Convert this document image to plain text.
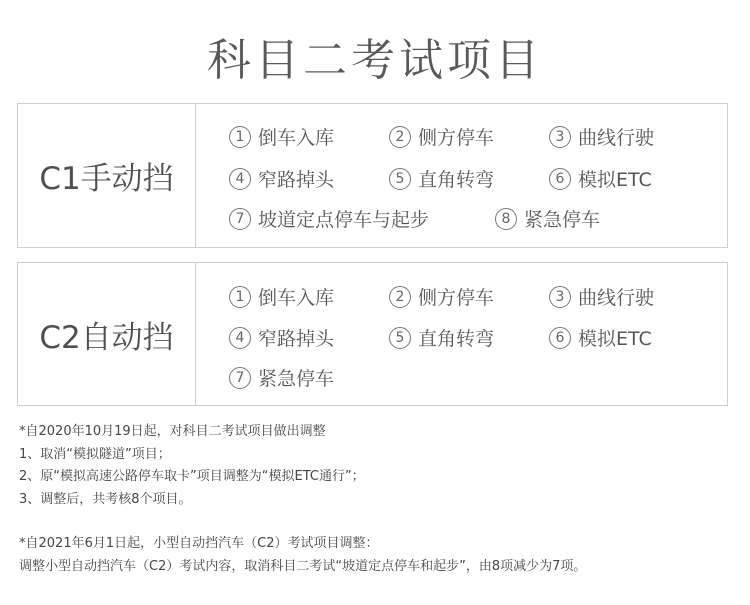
科目二考试项目
C1手动挡
1 倒车入库	2 侧方停车	3 曲线行驶
4 窄路掉头	5 直角转弯	6 模拟ETC
7 坡道定点停车与起步	8 紧急停车
C2自动挡
1 倒车入库	2 侧方停车	3 曲线行驶
4 窄路掉头	5 直角转弯	6 模拟ETC
7 紧急停车
*自2020年10月19日起，对科目二考试项目做出调整
1、取消“模拟隧道”项目；
2、原“模拟高速公路停车取卡”项目调整为“模拟ETC通行”；
3、调整后，共考核8个项目。
*自2021年6月1日起，小型自动挡汽车（C2）考试项目调整：
调整小型自动挡汽车（C2）考试内容，取消科目二考试“坡道定点停车和起步”，由8项减少为7项。
